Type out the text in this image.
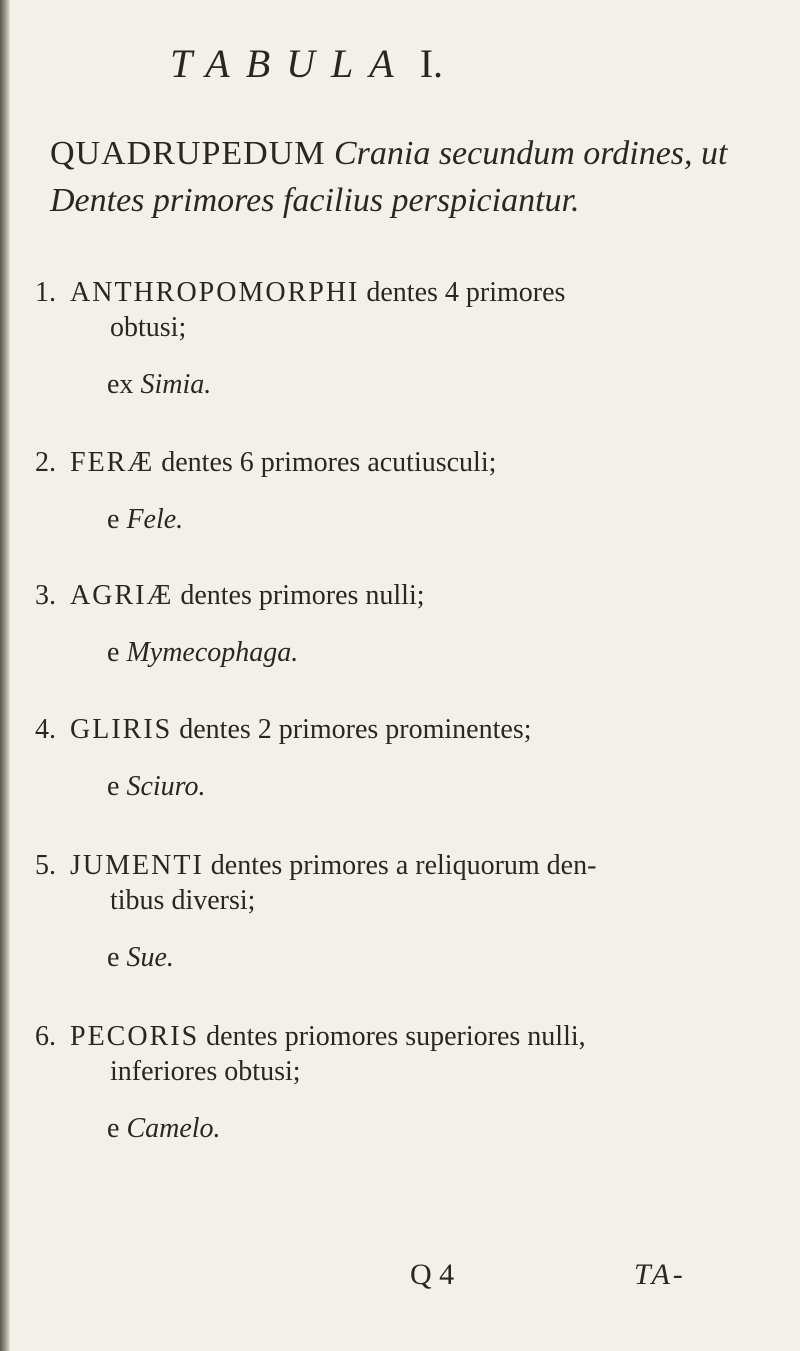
TABULA I.
QUADRUPEDUM Crania secundum ordines, ut Dentes primores facilius perspiciantur.
1. ANTHROPOMORPHI dentes 4 primores
obtusi;
ex Simia.
2. FERÆ dentes 6 primores acutiusculi;
e Fele.
3. AGRIÆ dentes primores nulli;
e Mymecophaga.
4. GLIRIS dentes 2 primores prominentes;
e Sciuro.
5. JUMENTI dentes primores a reliquorum den-
tibus diversi;
e Sue.
6. PECORIS dentes priomores superiores nulli,
inferiores obtusi;
e Camelo.
Q 4	TA-
